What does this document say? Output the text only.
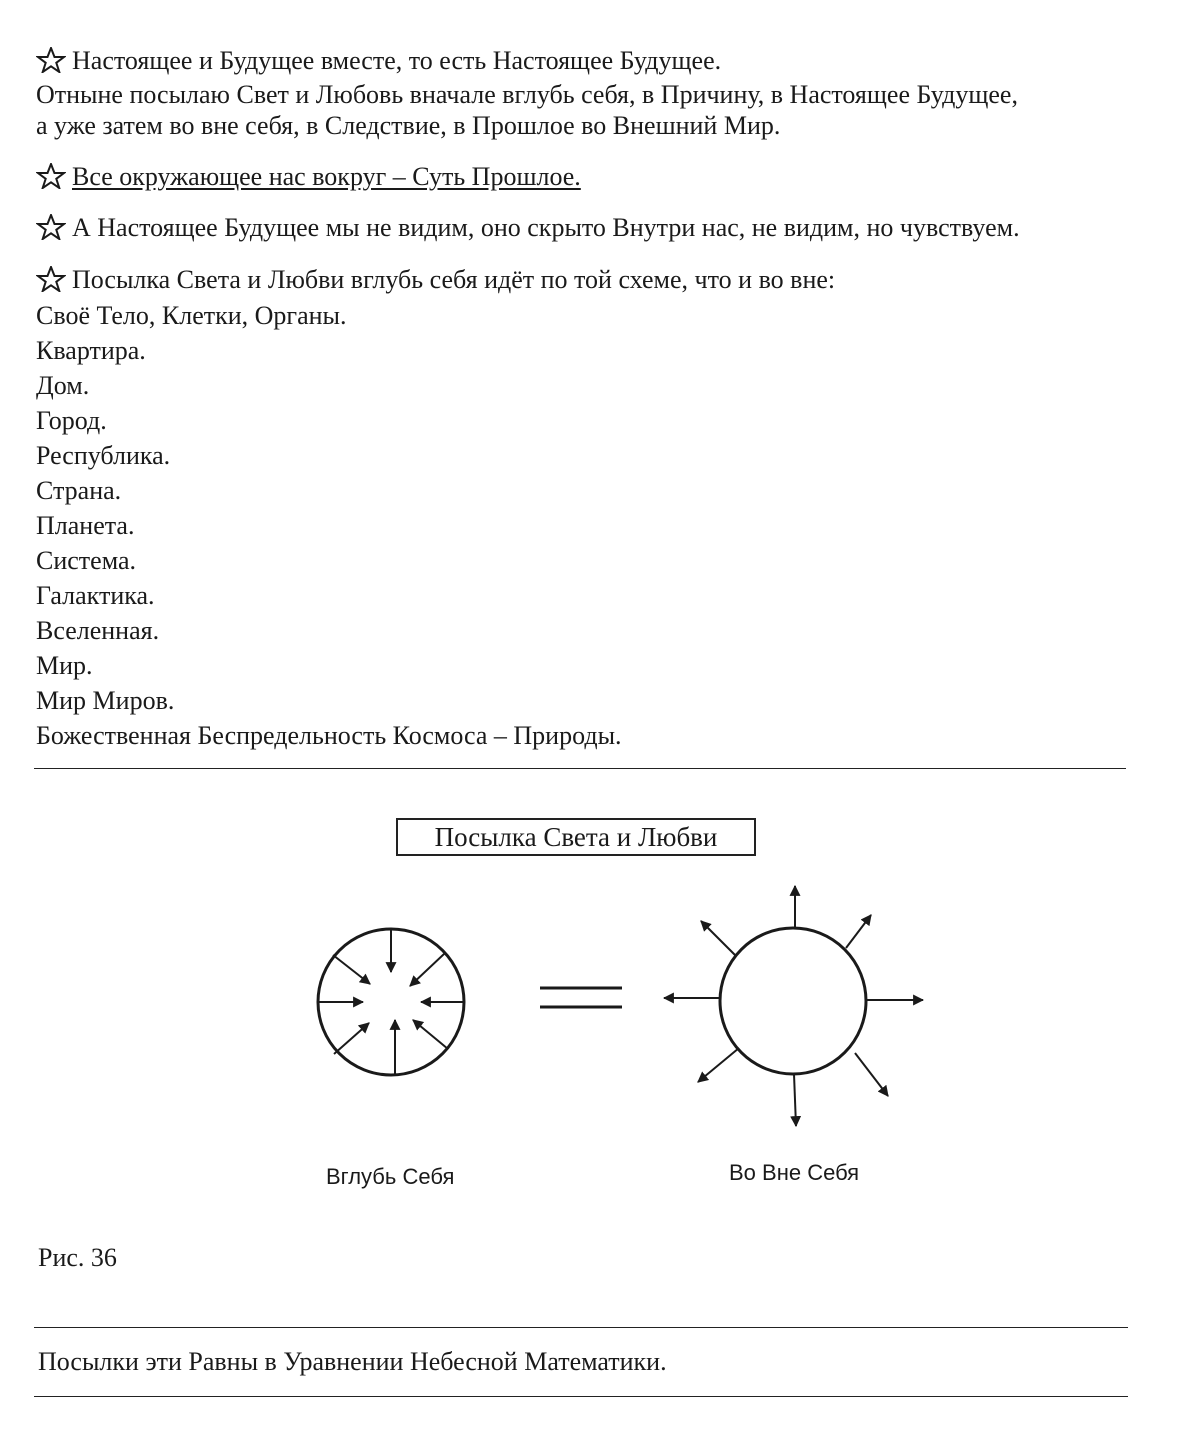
Настоящее и Будущее вместе, то есть Настоящее Будущее.
Отныне посылаю Свет и Любовь вначале вглубь себя, в Причину, в Настоящее Будущее,
а уже затем во вне себя, в Следствие, в Прошлое во Внешний Мир.
Все окружающее нас вокруг – Суть Прошлое.
А Настоящее Будущее мы не видим, оно скрыто Внутри нас, не видим, но чувствуем.
Посылка Света и Любви вглубь себя идёт по той схеме, что и во вне:
Своё Тело, Клетки, Органы.
Квартира.
Дом.
Город.
Республика.
Страна.
Планета.
Система.
Галактика.
Вселенная.
Мир.
Мир Миров.
Божественная Беспредельность Космоса – Природы.
Посылка Света и Любви
Вглубь Себя	Во Вне Себя
Рис. 36
Посылки эти Равны в Уравнении Небесной Математики.
